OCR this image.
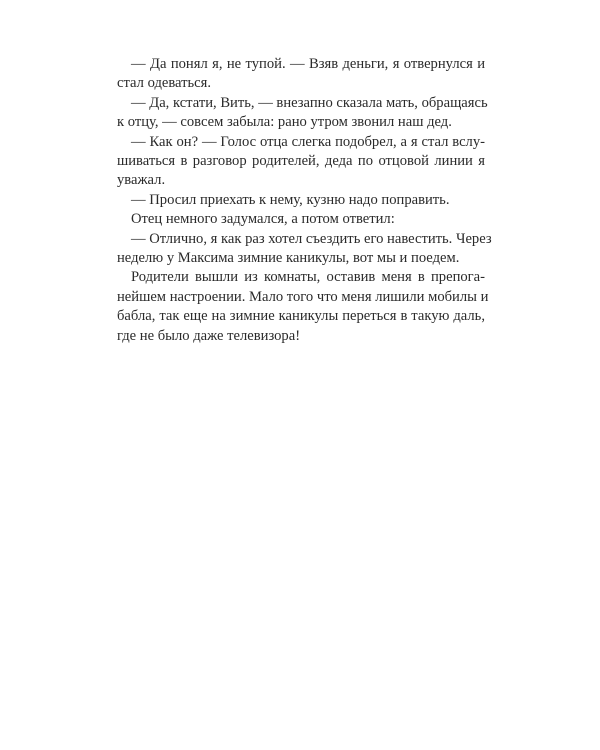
— Да понял я, не тупой. — Взяв деньги, я отвернулся и
стал одеваться.

— Да, кстати, Вить, — внезапно сказала мать, обращаясь
к отцу, — совсем забыла: рано утром звонил наш дед.

— Как он? — Голос отца слегка подобрел, а я стал вслу-
шиваться в разговор родителей, деда по отцовой линии я
уважал.

— Просил приехать к нему, кузню надо поправить.

Отец немного задумался, а потом ответил:

— Отлично, я как раз хотел съездить его навестить. Через
неделю у Максима зимние каникулы, вот мы и поедем.

Родители вышли из комнаты, оставив меня в препога-
нейшем настроении. Мало того что меня лишили мобилы и
бабла, так еще на зимние каникулы переться в такую даль,
где не было даже телевизора!
